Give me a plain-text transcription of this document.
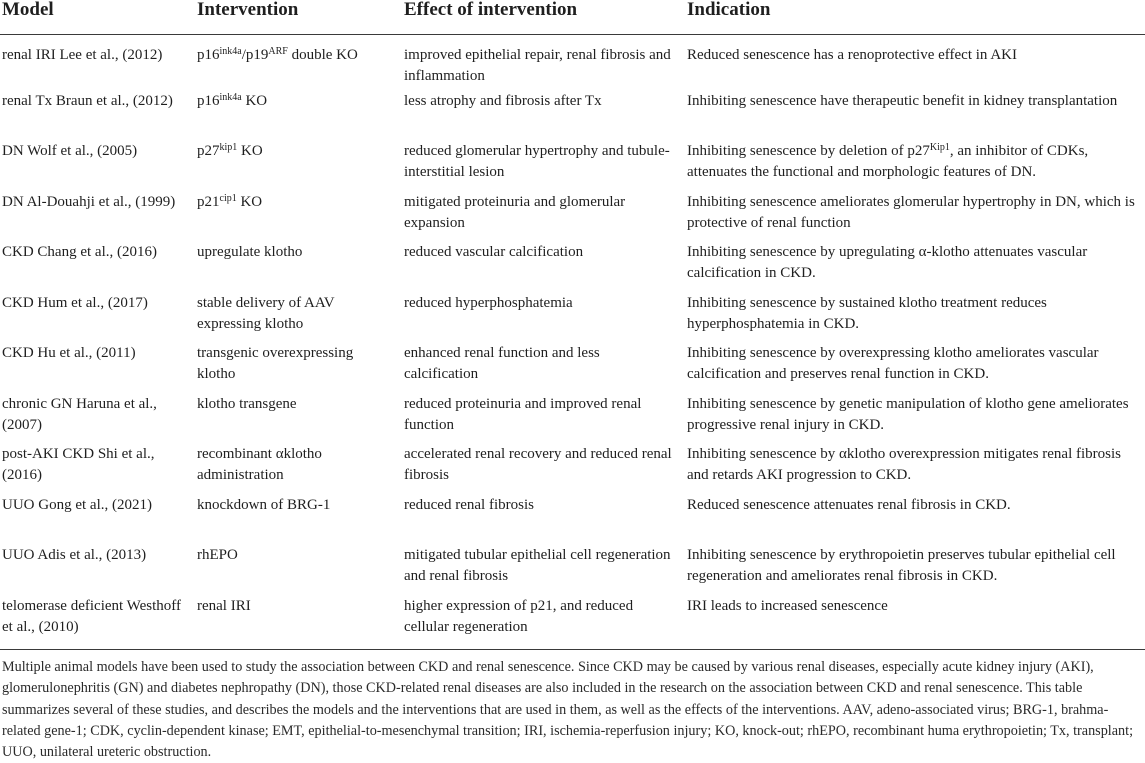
Model	Intervention	Effect of intervention	Indication
renal IRI Lee et al., (2012)	$p16^{ink4a}/p19^{ARF}$ double KO	improved epithelial repair, renal fibrosis and inflammation	Reduced senescence has a renoprotective effect in AKI
renal Tx Braun et al., (2012)	$p16^{ink4a}$ KO	less atrophy and fibrosis after Tx	Inhibiting senescence have therapeutic benefit in kidney transplantation
DN Wolf et al., (2005)	$p27^{kip1}$ KO	reduced glomerular hypertrophy and tubule-interstitial lesion	Inhibiting senescence by deletion of $p27^{Kip1}$, an inhibitor of CDKs, attenuates the functional and morphologic features of DN.
DN Al-Douahji et al., (1999)	$p21^{cip1}$ KO	mitigated proteinuria and glomerular expansion	Inhibiting senescence ameliorates glomerular hypertrophy in DN, which is protective of renal function
CKD Chang et al., (2016)	upregulate klotho	reduced vascular calcification	Inhibiting senescence by upregulating α-klotho attenuates vascular calcification in CKD.
CKD Hum et al., (2017)	stable delivery of AAV expressing klotho	reduced hyperphosphatemia	Inhibiting senescence by sustained klotho treatment reduces hyperphosphatemia in CKD.
CKD Hu et al., (2011)	transgenic overexpressing klotho	enhanced renal function and less calcification	Inhibiting senescence by overexpressing klotho ameliorates vascular calcification and preserves renal function in CKD.
chronic GN Haruna et al., (2007)	klotho transgene	reduced proteinuria and improved renal function	Inhibiting senescence by genetic manipulation of klotho gene ameliorates progressive renal injury in CKD.
post-AKI CKD Shi et al., (2016)	recombinant αklotho administration	accelerated renal recovery and reduced renal fibrosis	Inhibiting senescence by αklotho overexpression mitigates renal fibrosis and retards AKI progression to CKD.
UUO Gong et al., (2021)	knockdown of BRG-1	reduced renal fibrosis	Reduced senescence attenuates renal fibrosis in CKD.
UUO Adis et al., (2013)	rhEPO	mitigated tubular epithelial cell regeneration and renal fibrosis	Inhibiting senescence by erythropoietin preserves tubular epithelial cell regeneration and ameliorates renal fibrosis in CKD.
telomerase deficient Westhoff et al., (2010)	renal IRI	higher expression of p21, and reduced cellular regeneration	IRI leads to increased senescence
Multiple animal models have been used to study the association between CKD and renal senescence. Since CKD may be caused by various renal diseases, especially acute kidney injury (AKI), glomerulonephritis (GN) and diabetes nephropathy (DN), those CKD-related renal diseases are also included in the research on the association between CKD and renal senescence. This table summarizes several of these studies, and describes the models and the interventions that are used in them, as well as the effects of the interventions. AAV, adeno-associated virus; BRG-1, brahma-related gene-1; CDK, cyclin-dependent kinase; EMT, epithelial-to-mesenchymal transition; IRI, ischemia-reperfusion injury; KO, knock-out; rhEPO, recombinant huma erythropoietin; Tx, transplant; UUO, unilateral ureteric obstruction.
